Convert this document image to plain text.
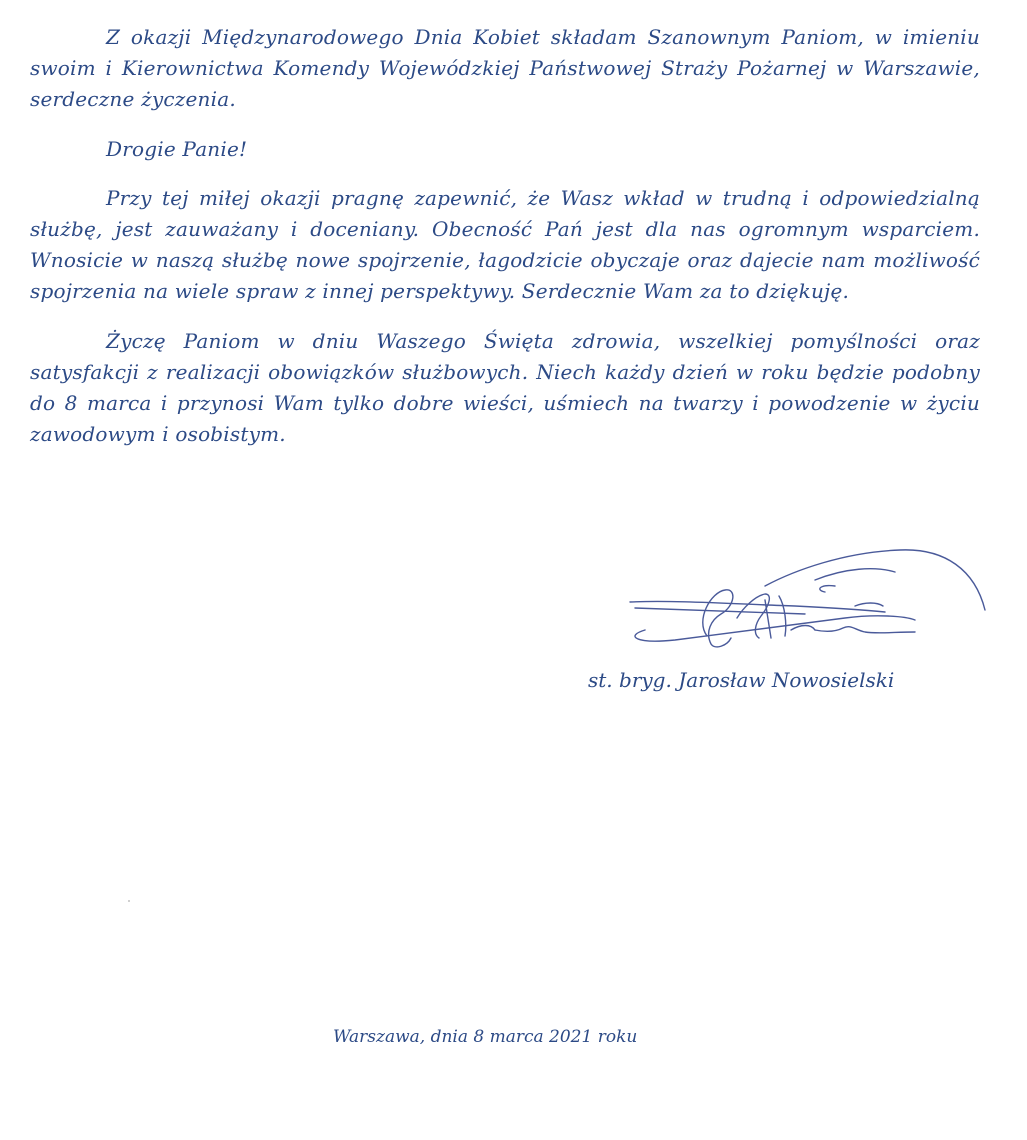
Z okazji Międzynarodowego Dnia Kobiet składam Szanownym Paniom, w imieniu swoim i Kierownictwa Komendy Wojewódzkiej Państwowej Straży Pożarnej w Warszawie, serdeczne życzenia.

Drogie Panie!

Przy tej miłej okazji pragnę zapewnić, że Wasz wkład w trudną i odpowiedzialną służbę, jest zauważany i doceniany. Obecność Pań jest dla nas ogromnym wsparciem. Wnosicie w naszą służbę nowe spojrzenie, łagodzicie obyczaje oraz dajecie nam możliwość spojrzenia na wiele spraw z innej perspektywy. Serdecznie Wam za to dziękuję.

Życzę Paniom w dniu Waszego Święta zdrowia, wszelkiej pomyślności oraz satysfakcji z realizacji obowiązków służbowych. Niech każdy dzień w roku będzie podobny do 8 marca i przynosi Wam tylko dobre wieści, uśmiech na twarzy i powodzenie w życiu zawodowym i osobistym.

st. bryg. Jarosław Nowosielski
Warszawa, dnia 8 marca 2021 roku
